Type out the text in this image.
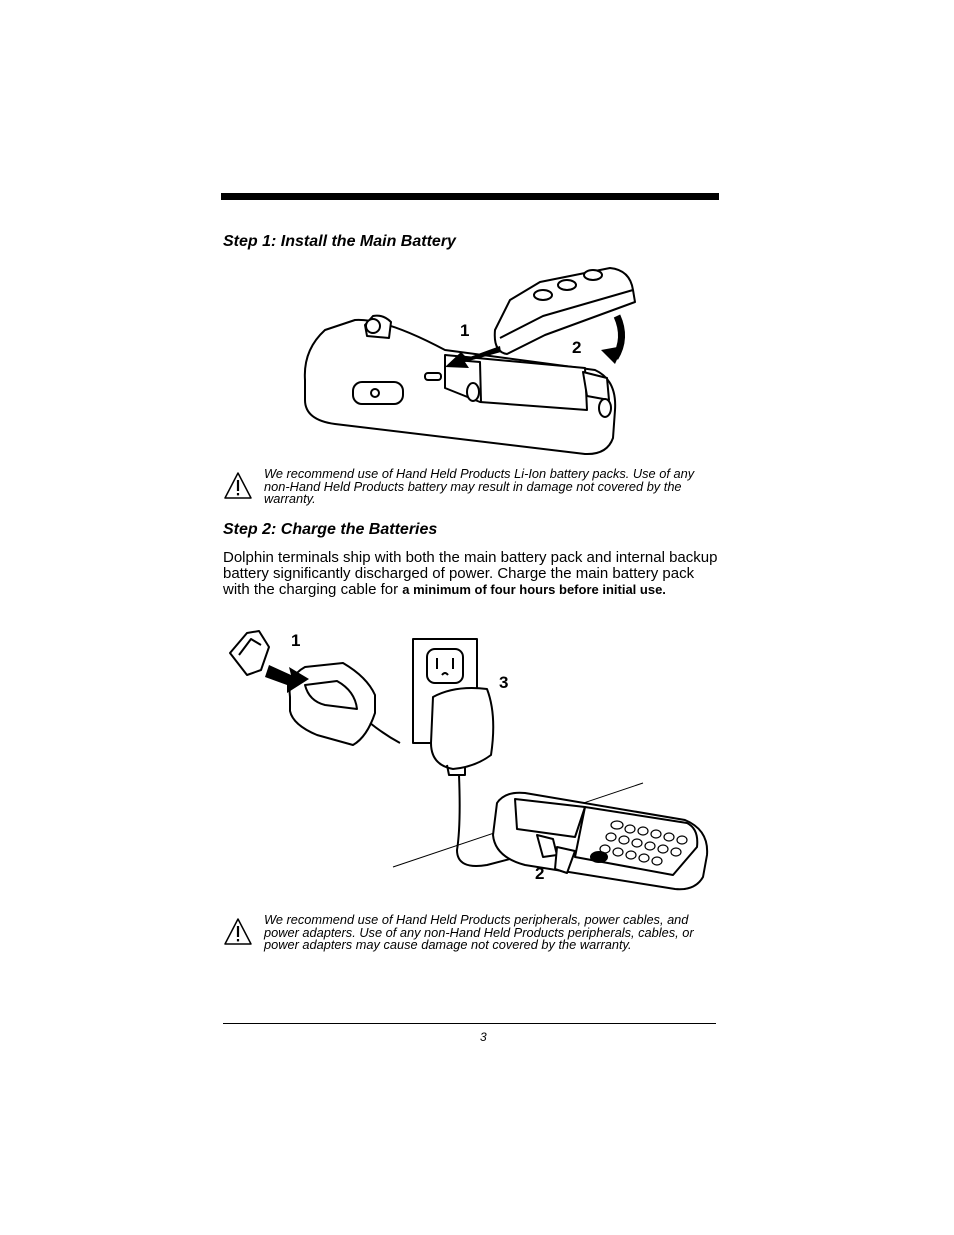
Step 1: Install the Main Battery
1
2
We recommend use of Hand Held Products Li-Ion battery packs. Use of any non-Hand Held Products battery may result in damage not covered by the warranty.
Step 2: Charge the Batteries
Dolphin terminals ship with both the main battery pack and internal backup battery significantly discharged of power. Charge the main battery pack with the charging cable for a minimum of four hours before initial use.
1
3
2
We recommend use of Hand Held Products peripherals, power cables, and power adapters. Use of any non-Hand Held Products peripherals, cables, or power adapters may cause damage not covered by the warranty.
3
